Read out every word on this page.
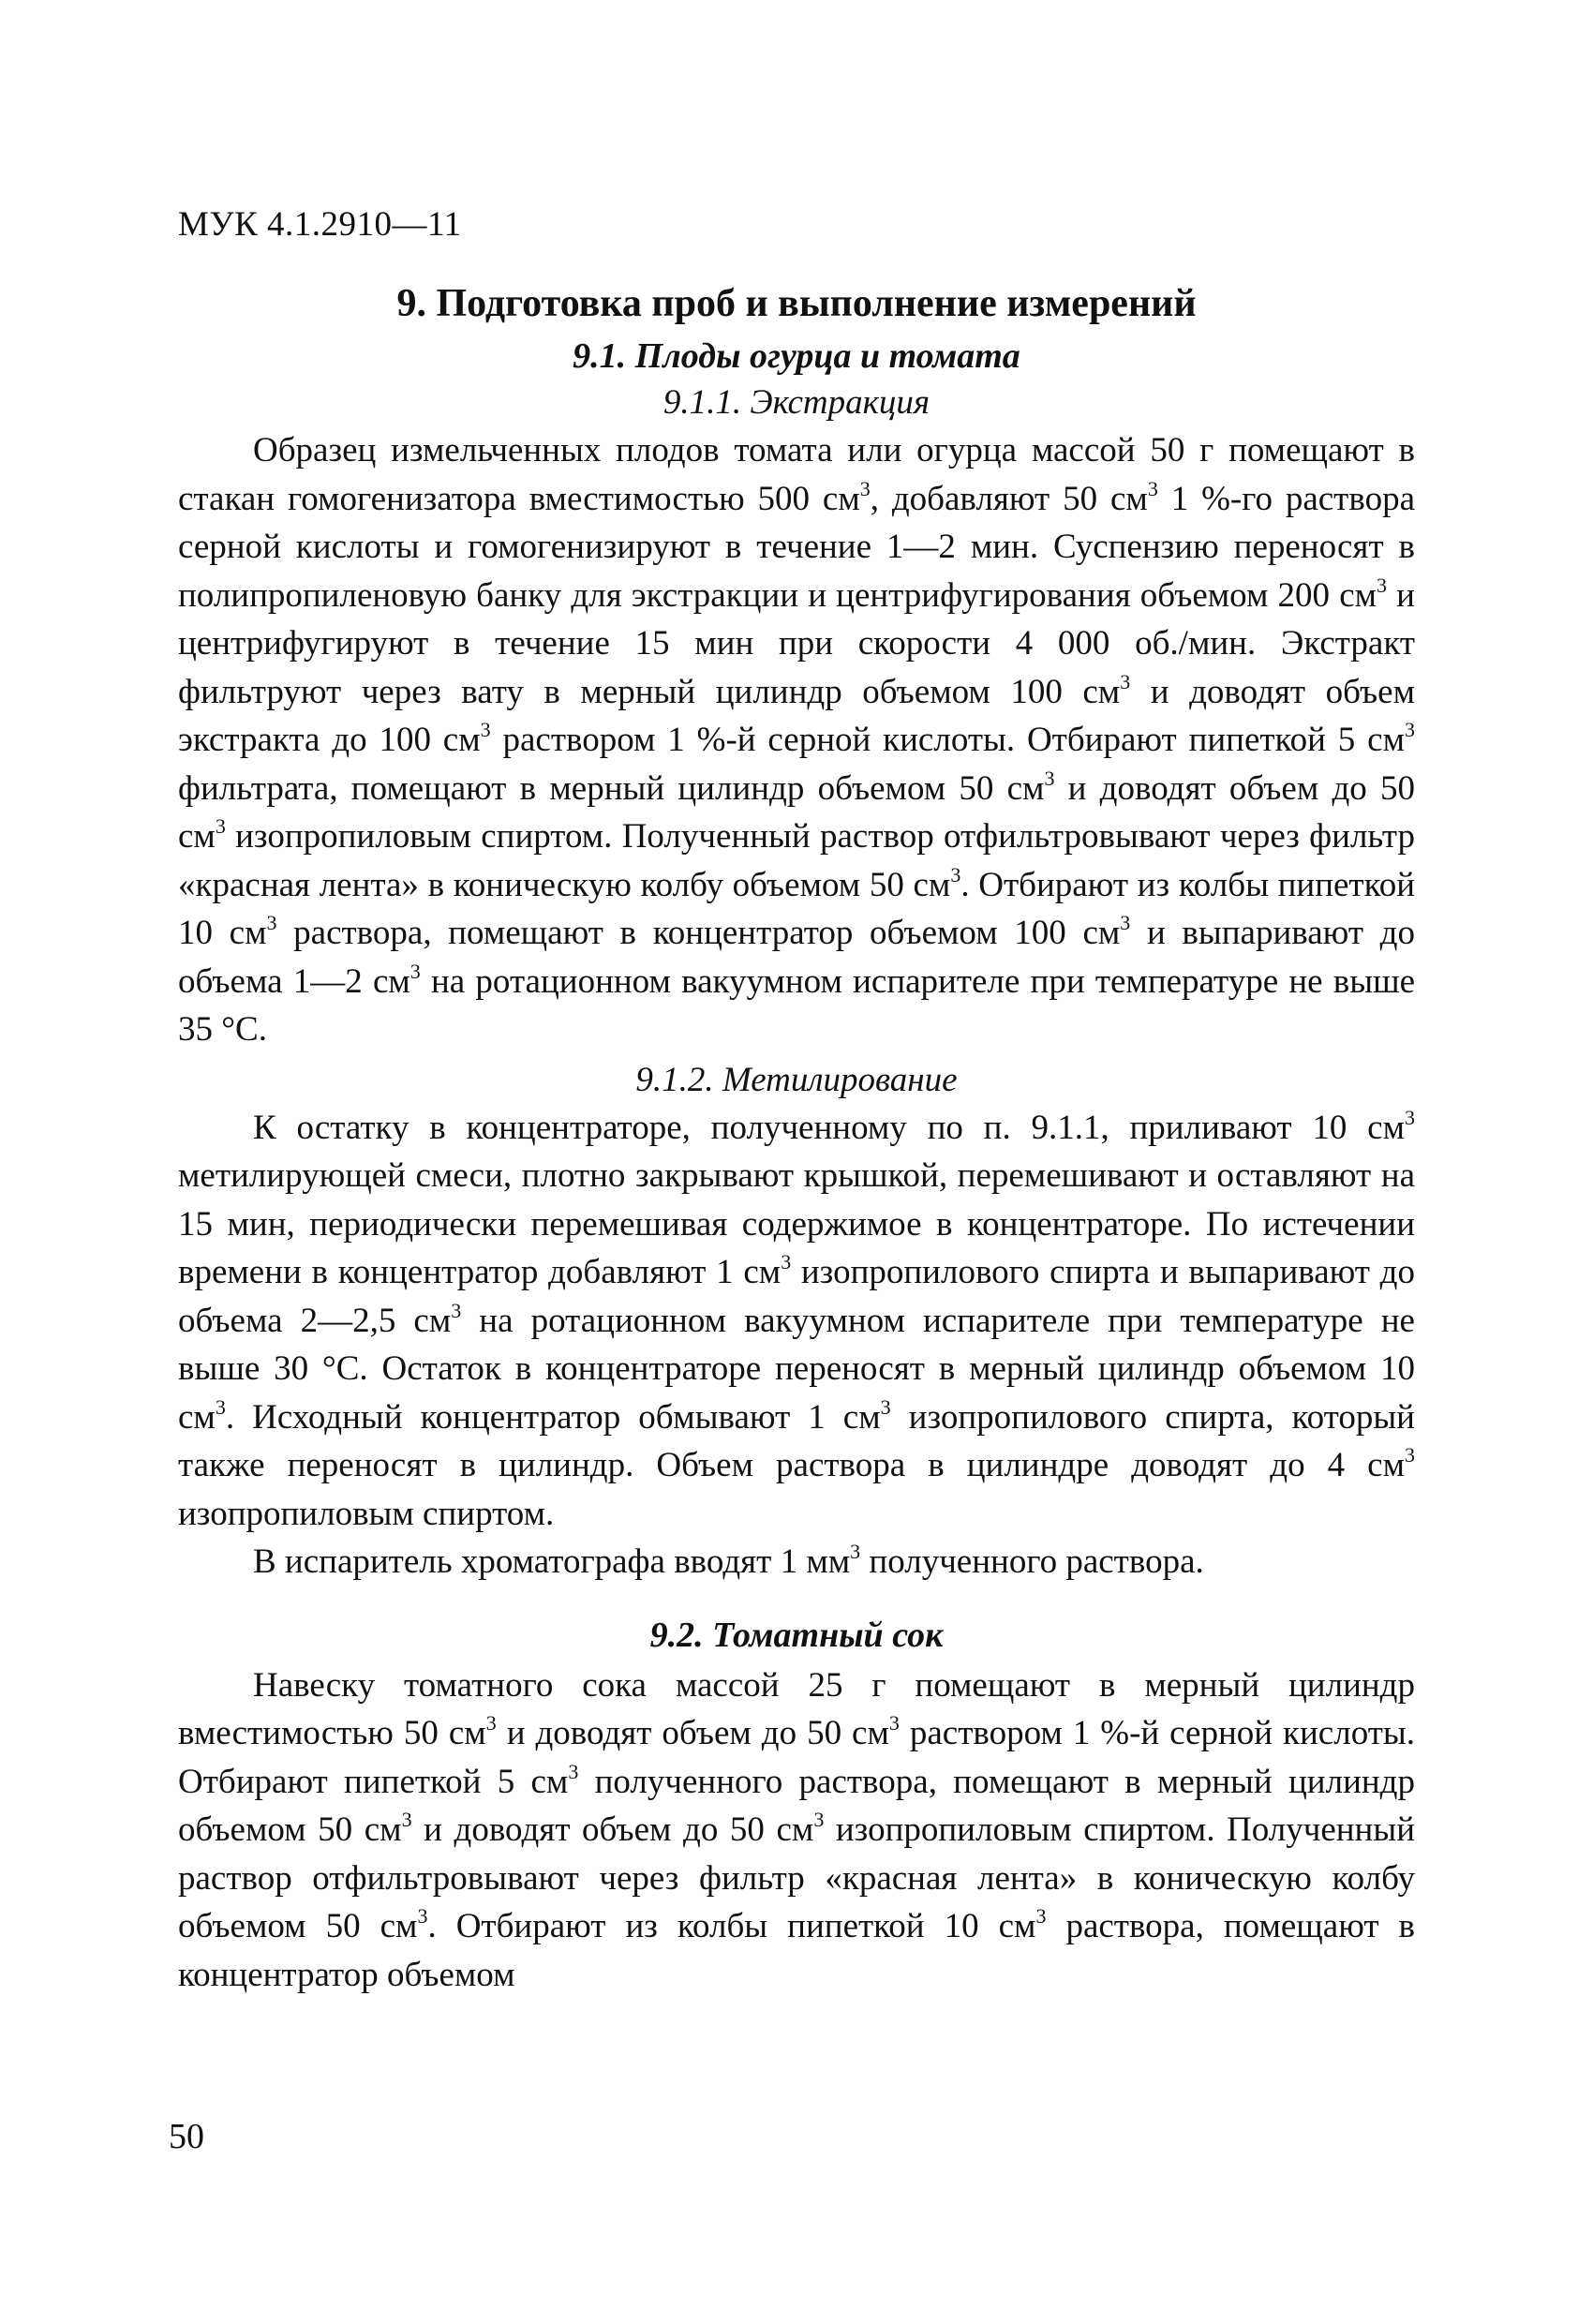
МУК 4.1.2910—11
9. Подготовка проб и выполнение измерений
9.1. Плоды огурца и томата
9.1.1. Экстракция

Образец измельченных плодов томата или огурца массой 50 г помещают в стакан гомогенизатора вместимостью 500 $см^3$, добавляют 50 $см^3$ 1 %-го раствора серной кислоты и гомогенизируют в течение 1—2 мин. Суспензию переносят в полипропиленовую банку для экстракции и центрифугирования объемом 200 $см^3$ и центрифугируют в течение 15 мин при скорости 4 000 об./мин. Экстракт фильтруют через вату в мерный цилиндр объемом 100 $см^3$ и доводят объем экстракта до 100 $см^3$ раствором 1 %-й серной кислоты. Отбирают пипеткой 5 $см^3$ фильтрата, помещают в мерный цилиндр объемом 50 $см^3$ и доводят объем до 50 $см^3$ изопропиловым спиртом. Полученный раствор отфильтровывают через фильтр «красная лента» в коническую колбу объемом 50 $см^3$. Отбирают из колбы пипеткой 10 $см^3$ раствора, помещают в концентратор объемом 100 $см^3$ и выпаривают до объема 1—2 $см^3$ на ротационном вакуумном испарителе при температуре не выше 35 °С.

9.1.2. Метилирование

К остатку в концентраторе, полученному по п. 9.1.1, приливают 10 $см^3$ метилирующей смеси, плотно закрывают крышкой, перемешивают и оставляют на 15 мин, периодически перемешивая содержимое в концентраторе. По истечении времени в концентратор добавляют 1 $см^3$ изопропилового спирта и выпаривают до объема 2—2,5 $см^3$ на ротационном вакуумном испарителе при температуре не выше 30 °С. Остаток в концентраторе переносят в мерный цилиндр объемом 10 $см^3$. Исходный концентратор обмывают 1 $см^3$ изопропилового спирта, который также переносят в цилиндр. Объем раствора в цилиндре доводят до 4 $см^3$ изопропиловым спиртом.

В испаритель хроматографа вводят 1 $мм^3$ полученного раствора.

9.2. Томатный сок

Навеску томатного сока массой 25 г помещают в мерный цилиндр вместимостью 50 $см^3$ и доводят объем до 50 $см^3$ раствором 1 %-й серной кислоты. Отбирают пипеткой 5 $см^3$ полученного раствора, помещают в мерный цилиндр объемом 50 $см^3$ и доводят объем до 50 $см^3$ изопропиловым спиртом. Полученный раствор отфильтровывают через фильтр «красная лента» в коническую колбу объемом 50 $см^3$. Отбирают из колбы пипеткой 10 $см^3$ раствора, помещают в концентратор объемом

50
